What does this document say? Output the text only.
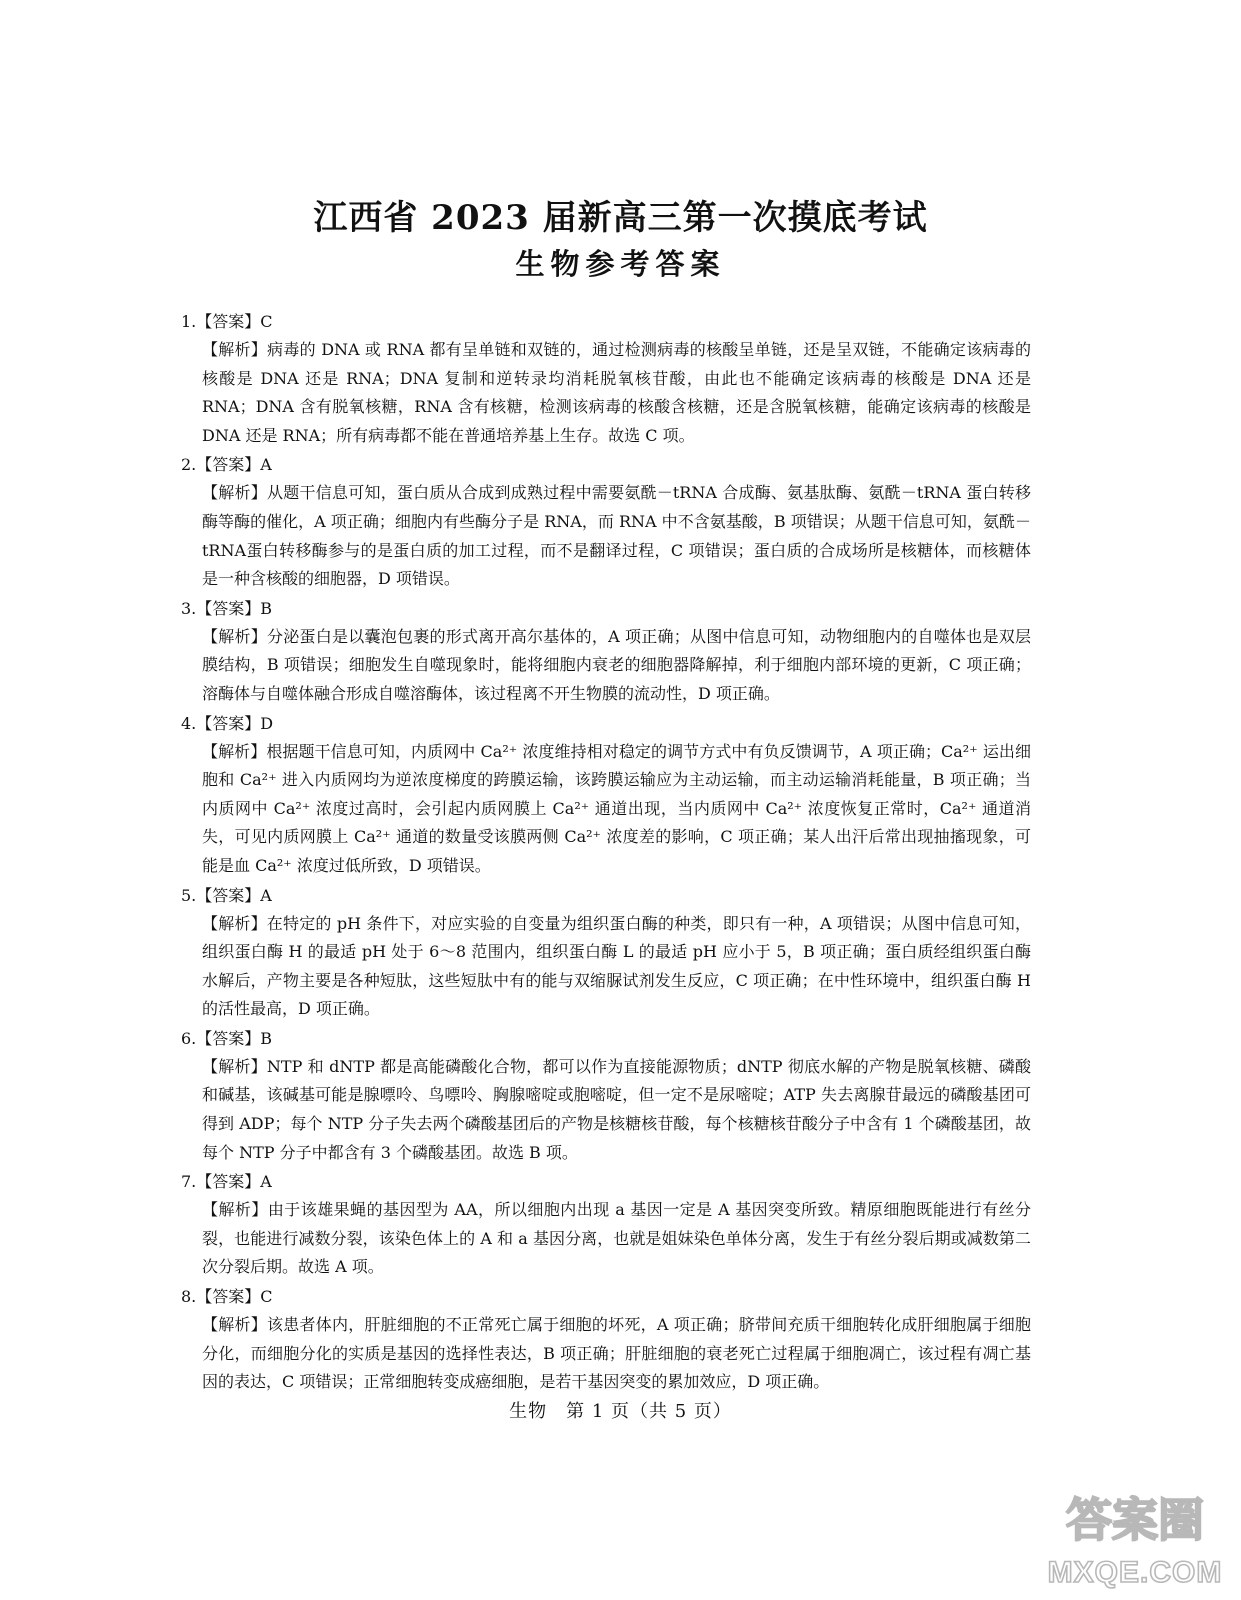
江西省 2023 届新高三第一次摸底考试
生物参考答案
1.【答案】C
【解析】病毒的 DNA 或 RNA 都有呈单链和双链的，通过检测病毒的核酸呈单链，还是呈双链，不能确定该病毒的核酸是 DNA 还是 RNA；DNA 复制和逆转录均消耗脱氧核苷酸，由此也不能确定该病毒的核酸是 DNA 还是 RNA；DNA 含有脱氧核糖，RNA 含有核糖，检测该病毒的核酸含核糖，还是含脱氧核糖，能确定该病毒的核酸是 DNA 还是 RNA；所有病毒都不能在普通培养基上生存。故选 C 项。
2.【答案】A
【解析】从题干信息可知，蛋白质从合成到成熟过程中需要氨酰－tRNA 合成酶、氨基肽酶、氨酰－tRNA 蛋白转移酶等酶的催化，A 项正确；细胞内有些酶分子是 RNA，而 RNA 中不含氨基酸，B 项错误；从题干信息可知，氨酰－tRNA蛋白转移酶参与的是蛋白质的加工过程，而不是翻译过程，C 项错误；蛋白质的合成场所是核糖体，而核糖体是一种含核酸的细胞器，D 项错误。
3.【答案】B
【解析】分泌蛋白是以囊泡包裹的形式离开高尔基体的，A 项正确；从图中信息可知，动物细胞内的自噬体也是双层膜结构，B 项错误；细胞发生自噬现象时，能将细胞内衰老的细胞器降解掉，利于细胞内部环境的更新，C 项正确；溶酶体与自噬体融合形成自噬溶酶体，该过程离不开生物膜的流动性，D 项正确。
4.【答案】D
【解析】根据题干信息可知，内质网中 Ca²⁺ 浓度维持相对稳定的调节方式中有负反馈调节，A 项正确；Ca²⁺ 运出细胞和 Ca²⁺ 进入内质网均为逆浓度梯度的跨膜运输，该跨膜运输应为主动运输，而主动运输消耗能量，B 项正确；当内质网中 Ca²⁺ 浓度过高时，会引起内质网膜上 Ca²⁺ 通道出现，当内质网中 Ca²⁺ 浓度恢复正常时，Ca²⁺ 通道消失，可见内质网膜上 Ca²⁺ 通道的数量受该膜两侧 Ca²⁺ 浓度差的影响，C 项正确；某人出汗后常出现抽搐现象，可能是血 Ca²⁺ 浓度过低所致，D 项错误。
5.【答案】A
【解析】在特定的 pH 条件下，对应实验的自变量为组织蛋白酶的种类，即只有一种，A 项错误；从图中信息可知，组织蛋白酶 H 的最适 pH 处于 6～8 范围内，组织蛋白酶 L 的最适 pH 应小于 5，B 项正确；蛋白质经组织蛋白酶水解后，产物主要是各种短肽，这些短肽中有的能与双缩脲试剂发生反应，C 项正确；在中性环境中，组织蛋白酶 H 的活性最高，D 项正确。
6.【答案】B
【解析】NTP 和 dNTP 都是高能磷酸化合物，都可以作为直接能源物质；dNTP 彻底水解的产物是脱氧核糖、磷酸和碱基，该碱基可能是腺嘌呤、鸟嘌呤、胸腺嘧啶或胞嘧啶，但一定不是尿嘧啶；ATP 失去离腺苷最远的磷酸基团可得到 ADP；每个 NTP 分子失去两个磷酸基团后的产物是核糖核苷酸，每个核糖核苷酸分子中含有 1 个磷酸基团，故每个 NTP 分子中都含有 3 个磷酸基团。故选 B 项。
7.【答案】A
【解析】由于该雄果蝇的基因型为 AA，所以细胞内出现 a 基因一定是 A 基因突变所致。精原细胞既能进行有丝分裂，也能进行减数分裂，该染色体上的 A 和 a 基因分离，也就是姐妹染色单体分离，发生于有丝分裂后期或减数第二次分裂后期。故选 A 项。
8.【答案】C
【解析】该患者体内，肝脏细胞的不正常死亡属于细胞的坏死，A 项正确；脐带间充质干细胞转化成肝细胞属于细胞分化，而细胞分化的实质是基因的选择性表达，B 项正确；肝脏细胞的衰老死亡过程属于细胞凋亡，该过程有凋亡基因的表达，C 项错误；正常细胞转变成癌细胞，是若干基因突变的累加效应，D 项正确。
生物　第 1 页（共 5 页）
答案圈
MXQE.COM
